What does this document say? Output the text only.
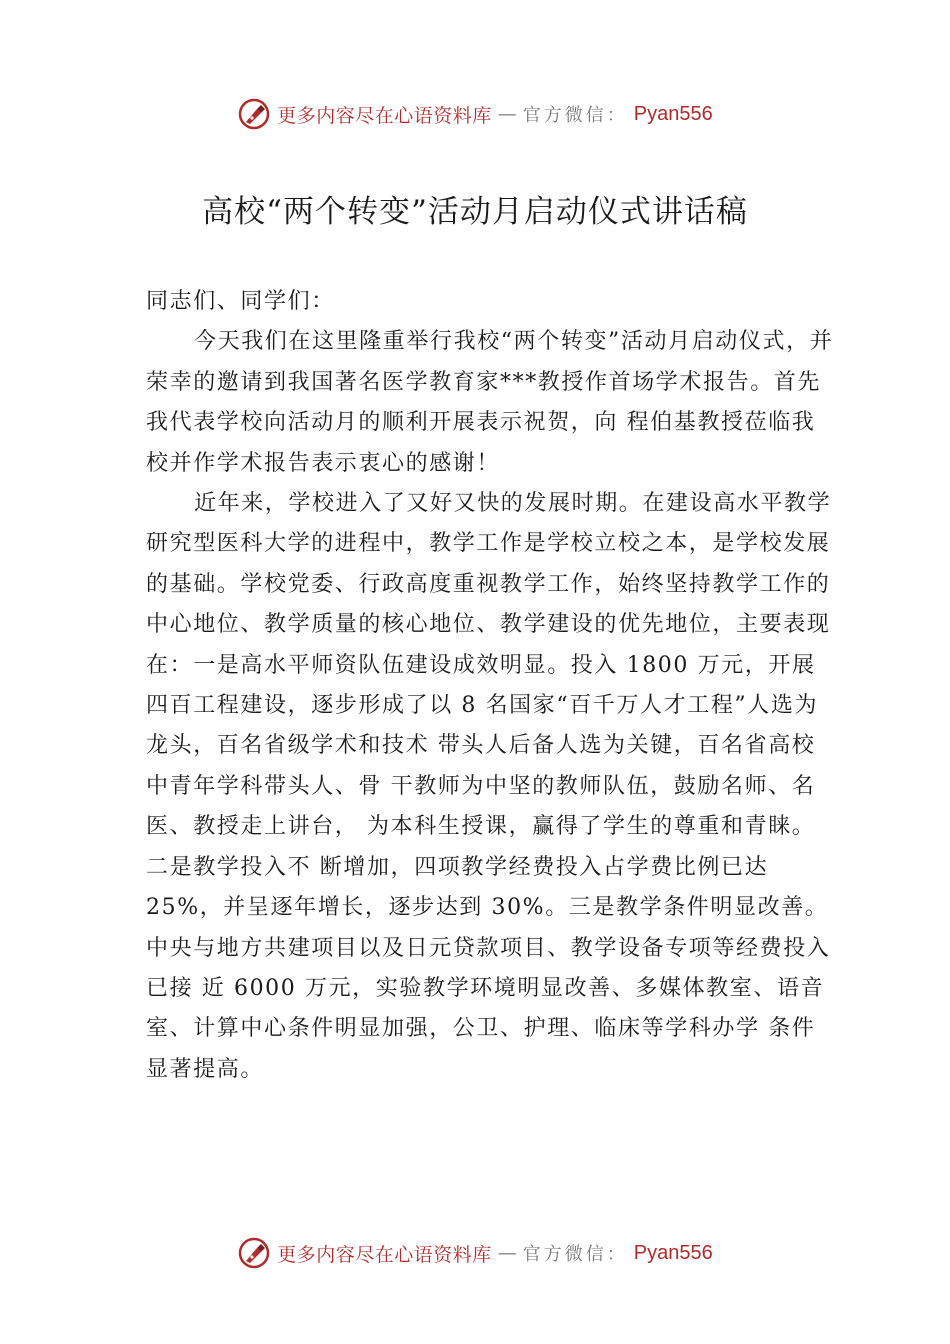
更多内容尽在心语资料库 — 官方微信： Pyan556
高校“两个转变”活动月启动仪式讲话稿

同志们、同学们：

今天我们在这里隆重举行我校“两个转变”活动月启动仪式，并荣幸的邀请到我国著名医学教育家***教授作首场学术报告。首先我代表学校向活动月的顺利开展表示祝贺，向 程伯基教授莅临我校并作学术报告表示衷心的感谢！

近年来，学校进入了又好又快的发展时期。在建设高水平教学研究型医科大学的进程中，教学工作是学校立校之本，是学校发展的基础。学校党委、行政高度重视教学工作，始终坚持教学工作的中心地位、教学质量的核心地位、教学建设的优先地位，主要表现在：一是高水平师资队伍建设成效明显。投入 1800 万元，开展四百工程建设，逐步形成了以 8 名国家“百千万人才工程”人选为龙头，百名省级学术和技术 带头人后备人选为关键，百名省高校中青年学科带头人、骨 干教师为中坚的教师队伍，鼓励名师、名医、教授走上讲台， 为本科生授课，赢得了学生的尊重和青睐。二是教学投入不 断增加，四项教学经费投入占学费比例已达 25%，并呈逐年增长，逐步达到 30%。三是教学条件明显改善。中央与地方共建项目以及日元贷款项目、教学设备专项等经费投入已接 近 6000 万元，实验教学环境明显改善、多媒体教室、语音室、计算中心条件明显加强，公卫、护理、临床等学科办学 条件显著提高。

更多内容尽在心语资料库 — 官方微信： Pyan556
